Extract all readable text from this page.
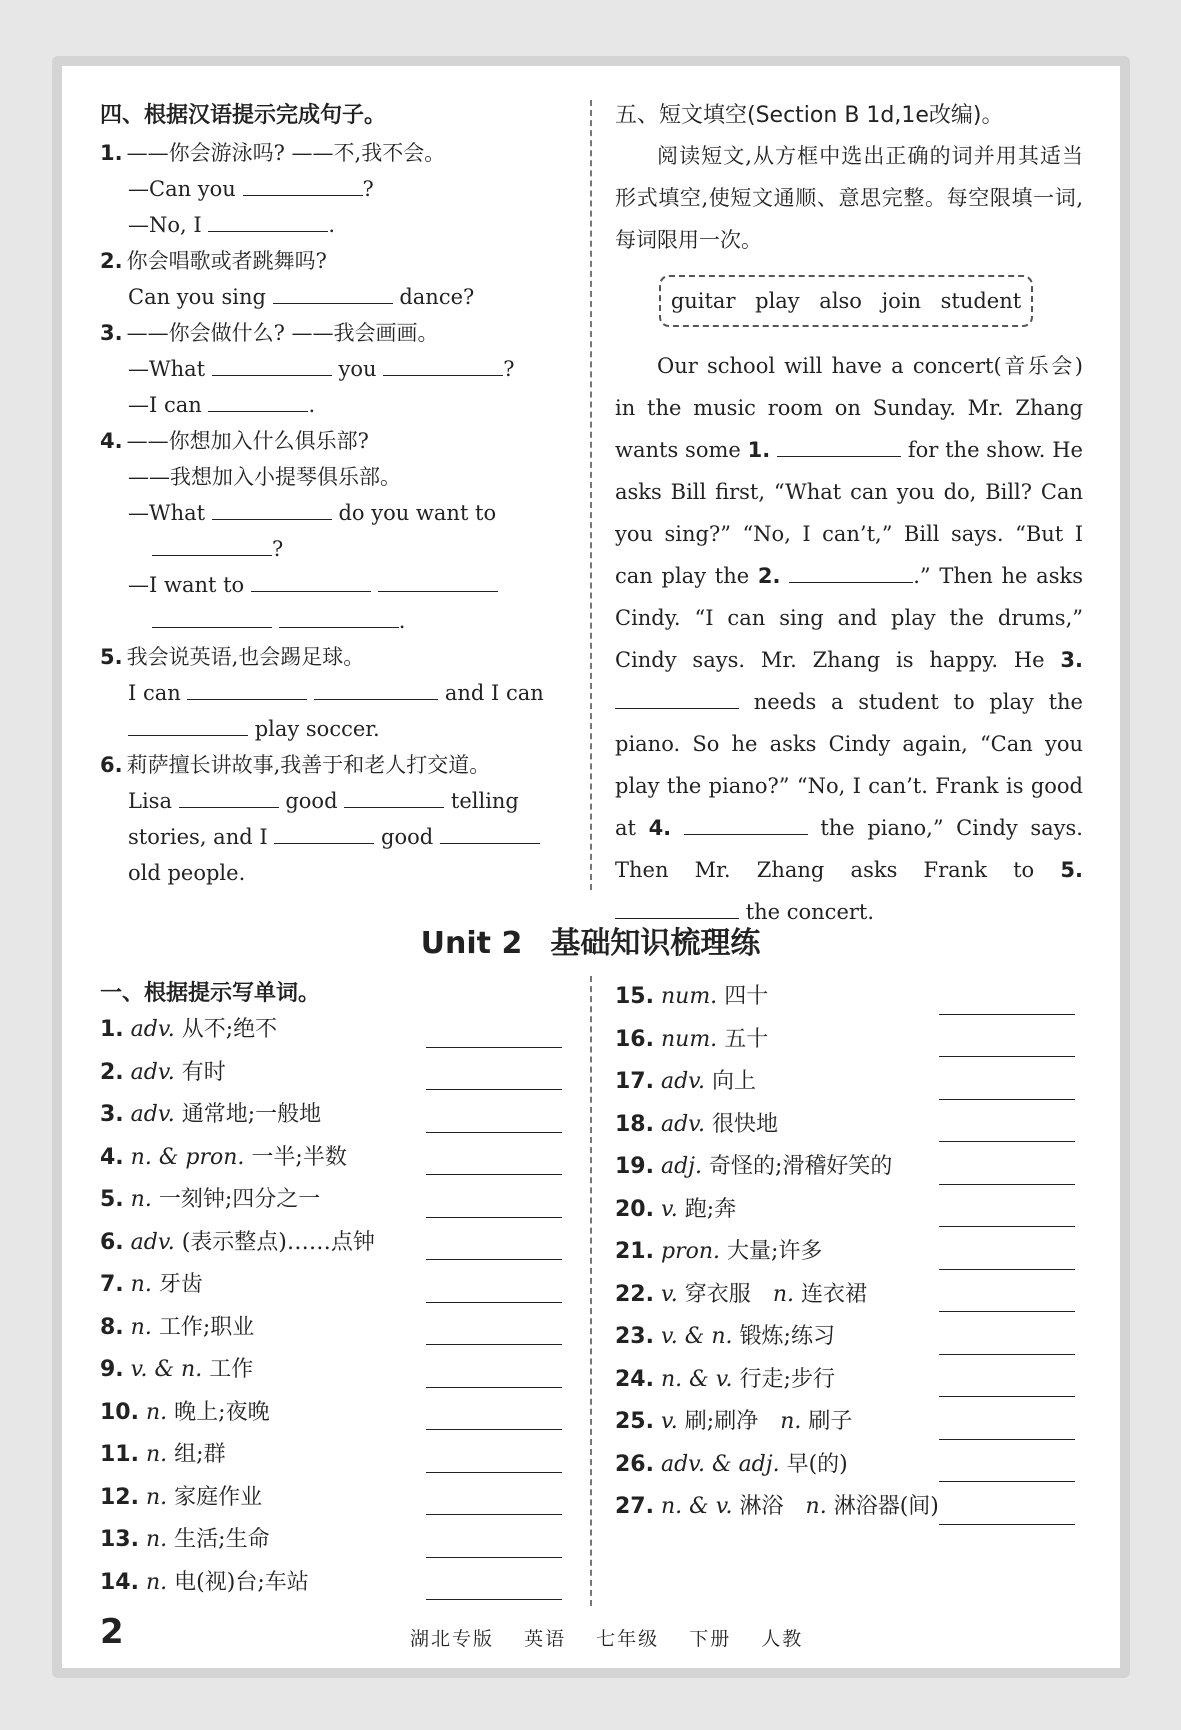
四、根据汉语提示完成句子。
1. ——你会游泳吗? ——不,我不会。
—Can you	?
—No, I	.
2. 你会唱歌或者跳舞吗?
Can you sing	dance?
3. ——你会做什么? ——我会画画。
—What	you	?
—I can	.
4. ——你想加入什么俱乐部?
——我想加入小提琴俱乐部。
—What	do you want to
?
—I want to
.
5. 我会说英语,也会踢足球。
I can	and I can
play soccer.
6. 莉萨擅长讲故事,我善于和老人打交道。
Lisa	good	telling
stories, and I	good
old people.
五、短文填空(Section B 1d,1e改编)。
阅读短文,从方框中选出正确的词并用其适当形式填空,使短文通顺、意思完整。每空限填一词,每词限用一次。
guitar play also join student
Our school will have a concert(音乐会) in the music room on Sunday. Mr. Zhang wants some 1.	for the show. He asks Bill first, “What can you do, Bill? Can you sing?” “No, I can’t,” Bill says. “But I can play the 2.	.” Then he asks Cindy. “I can sing and play the drums,” Cindy says. Mr. Zhang is happy. He 3.  needs a student to play the piano. So he asks Cindy again, “Can you play the piano?” “No, I can’t. Frank is good at 4.	the piano,” Cindy says. Then Mr. Zhang asks Frank to 5.  the concert.
Unit 2 基础知识梳理练
一、根据提示写单词。
1. adv. 从不;绝不
2. adv. 有时
3. adv. 通常地;一般地
4. n. & pron. 一半;半数
5. n. 一刻钟;四分之一
6. adv. (表示整点)……点钟
7. n. 牙齿
8. n. 工作;职业
9. v. & n. 工作
10. n. 晚上;夜晚
11. n. 组;群
12. n. 家庭作业
13. n. 生活;生命
14. n. 电(视)台;车站
15. num. 四十
16. num. 五十
17. adv. 向上
18. adv. 很快地
19. adj. 奇怪的;滑稽好笑的
20. v. 跑;奔
21. pron. 大量;许多
22. v. 穿衣服  n. 连衣裙
23. v. & n. 锻炼;练习
24. n. & v. 行走;步行
25. v. 刷;刷净  n. 刷子
26. adv. & adj. 早(的)
27. n. & v. 淋浴  n. 淋浴器(间)
2	湖北专版 英语 七年级 下册 人教
